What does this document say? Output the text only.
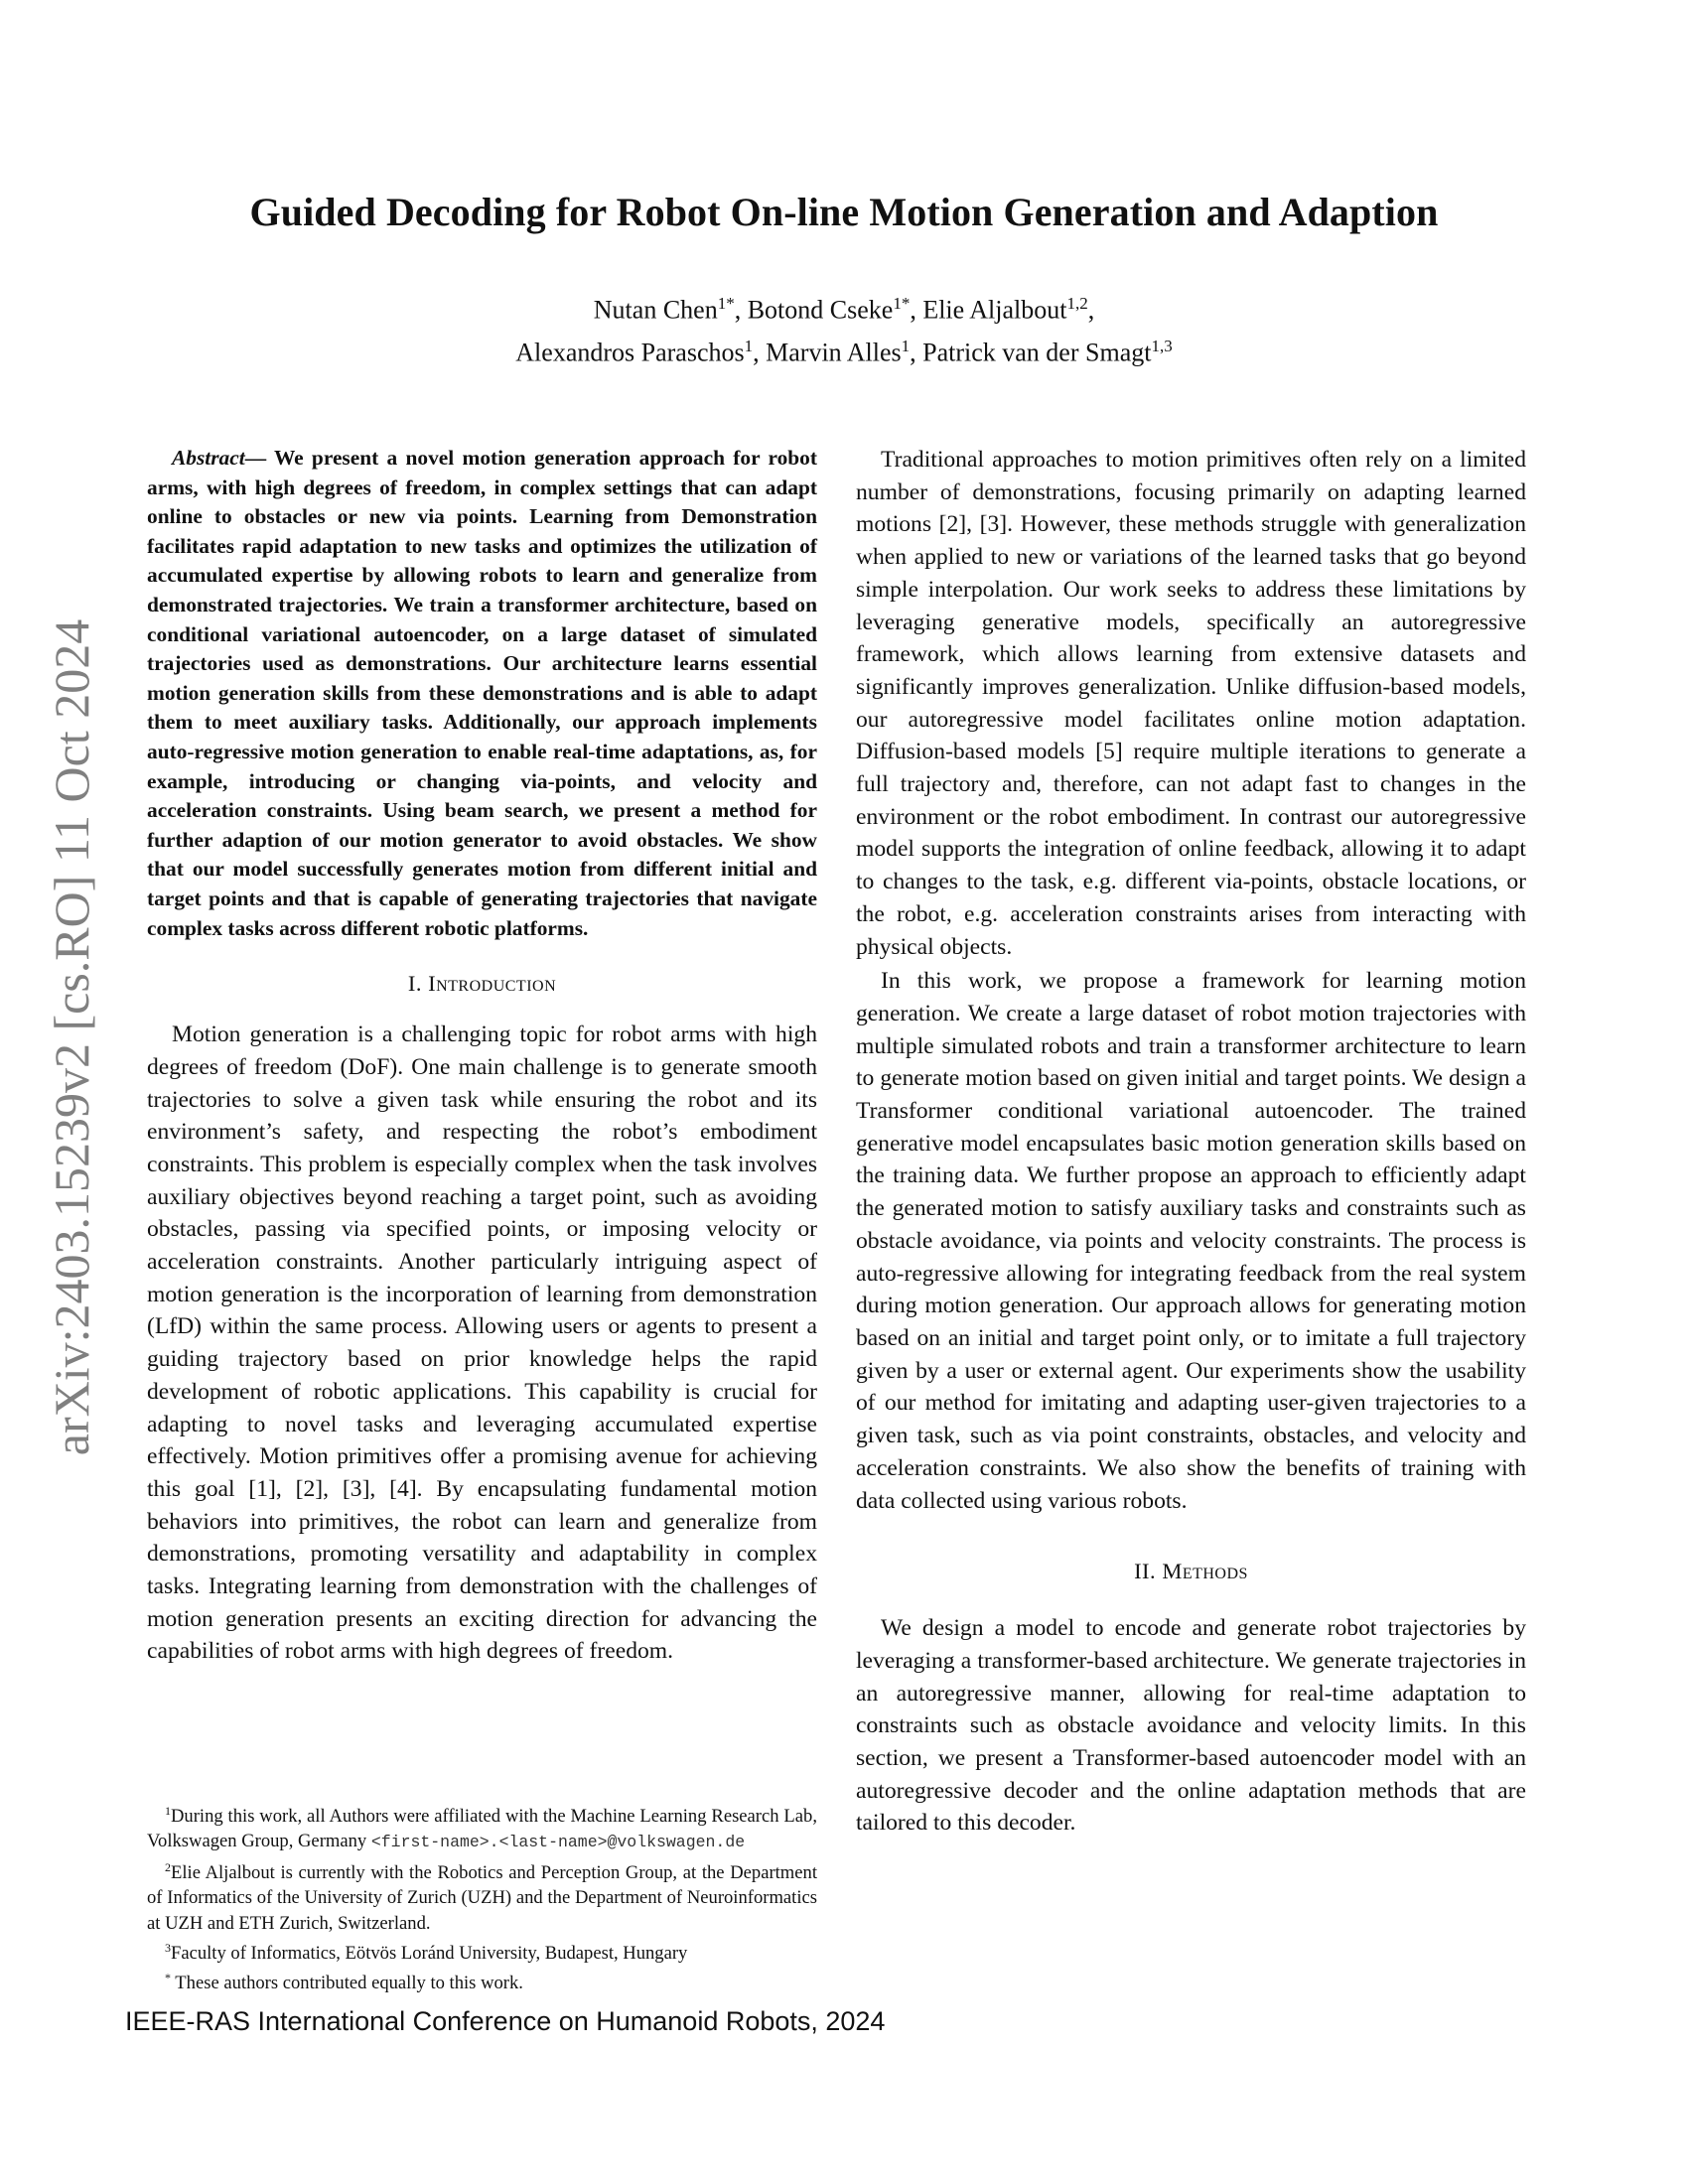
arXiv:2403.15239v2 [cs.RO] 11 Oct 2024
Guided Decoding for Robot On-line Motion Generation and Adaption
Nutan Chen$^{1*}$, Botond Cseke$^{1*}$, Elie Aljalbout$^{1,2}$,
Alexandros Paraschos$^1$, Marvin Alles$^1$, Patrick van der Smagt$^{1,3}$

Abstract— We present a novel motion generation approach for robot arms, with high degrees of freedom, in complex settings that can adapt online to obstacles or new via points. Learning from Demonstration facilitates rapid adaptation to new tasks and optimizes the utilization of accumulated expertise by allowing robots to learn and generalize from demonstrated trajectories. We train a transformer architecture, based on conditional variational autoencoder, on a large dataset of simulated trajectories used as demonstrations. Our architecture learns essential motion generation skills from these demonstrations and is able to adapt them to meet auxiliary tasks. Additionally, our approach implements auto-regressive motion generation to enable real-time adaptations, as, for example, introducing or changing via-points, and velocity and acceleration constraints. Using beam search, we present a method for further adaption of our motion generator to avoid obstacles. We show that our model successfully generates motion from different initial and target points and that is capable of generating trajectories that navigate complex tasks across different robotic platforms.

I. Introduction

Motion generation is a challenging topic for robot arms with high degrees of freedom (DoF). One main challenge is to generate smooth trajectories to solve a given task while ensuring the robot and its environment’s safety, and respecting the robot’s embodiment constraints. This problem is especially complex when the task involves auxiliary objectives beyond reaching a target point, such as avoiding obstacles, passing via specified points, or imposing velocity or acceleration constraints. Another particularly intriguing aspect of motion generation is the incorporation of learning from demonstration (LfD) within the same process. Allowing users or agents to present a guiding trajectory based on prior knowledge helps the rapid development of robotic applications. This capability is crucial for adapting to novel tasks and leveraging accumulated expertise effectively. Motion primitives offer a promising avenue for achieving this goal [1], [2], [3], [4]. By encapsulating fundamental motion behaviors into primitives, the robot can learn and generalize from demonstrations, promoting versatility and adaptability in complex tasks. Integrating learning from demonstration with the challenges of motion generation presents an exciting direction for advancing the capabilities of robot arms with high degrees of freedom.

Traditional approaches to motion primitives often rely on a limited number of demonstrations, focusing primarily on adapting learned motions [2], [3]. However, these methods struggle with generalization when applied to new or variations of the learned tasks that go beyond simple interpolation. Our work seeks to address these limitations by leveraging generative models, specifically an autoregressive framework, which allows learning from extensive datasets and significantly improves generalization. Unlike diffusion-based models, our autoregressive model facilitates online motion adaptation. Diffusion-based models [5] require multiple iterations to generate a full trajectory and, therefore, can not adapt fast to changes in the environment or the robot embodiment. In contrast our autoregressive model supports the integration of online feedback, allowing it to adapt to changes to the task, e.g. different via-points, obstacle locations, or the robot, e.g. acceleration constraints arises from interacting with physical objects.

In this work, we propose a framework for learning motion generation. We create a large dataset of robot motion trajectories with multiple simulated robots and train a transformer architecture to learn to generate motion based on given initial and target points. We design a Transformer conditional variational autoencoder. The trained generative model encapsulates basic motion generation skills based on the training data. We further propose an approach to efficiently adapt the generated motion to satisfy auxiliary tasks and constraints such as obstacle avoidance, via points and velocity constraints. The process is auto-regressive allowing for integrating feedback from the real system during motion generation. Our approach allows for generating motion based on an initial and target point only, or to imitate a full trajectory given by a user or external agent. Our experiments show the usability of our method for imitating and adapting user-given trajectories to a given task, such as via point constraints, obstacles, and velocity and acceleration constraints. We also show the benefits of training with data collected using various robots.

II. Methods

We design a model to encode and generate robot trajectories by leveraging a transformer-based architecture. We generate trajectories in an autoregressive manner, allowing for real-time adaptation to constraints such as obstacle avoidance and velocity limits. In this section, we present a Transformer-based autoencoder model with an autoregressive decoder and the online adaptation methods that are tailored to this decoder.

$^1$During this work, all Authors were affiliated with the Machine Learning Research Lab, Volkswagen Group, Germany <first-name>.<last-name>@volkswagen.de

$^2$Elie Aljalbout is currently with the Robotics and Perception Group, at the Department of Informatics of the University of Zurich (UZH) and the Department of Neuroinformatics at UZH and ETH Zurich, Switzerland.

$^3$Faculty of Informatics, Eötvös Loránd University, Budapest, Hungary

* These authors contributed equally to this work.

IEEE-RAS International Conference on Humanoid Robots, 2024
